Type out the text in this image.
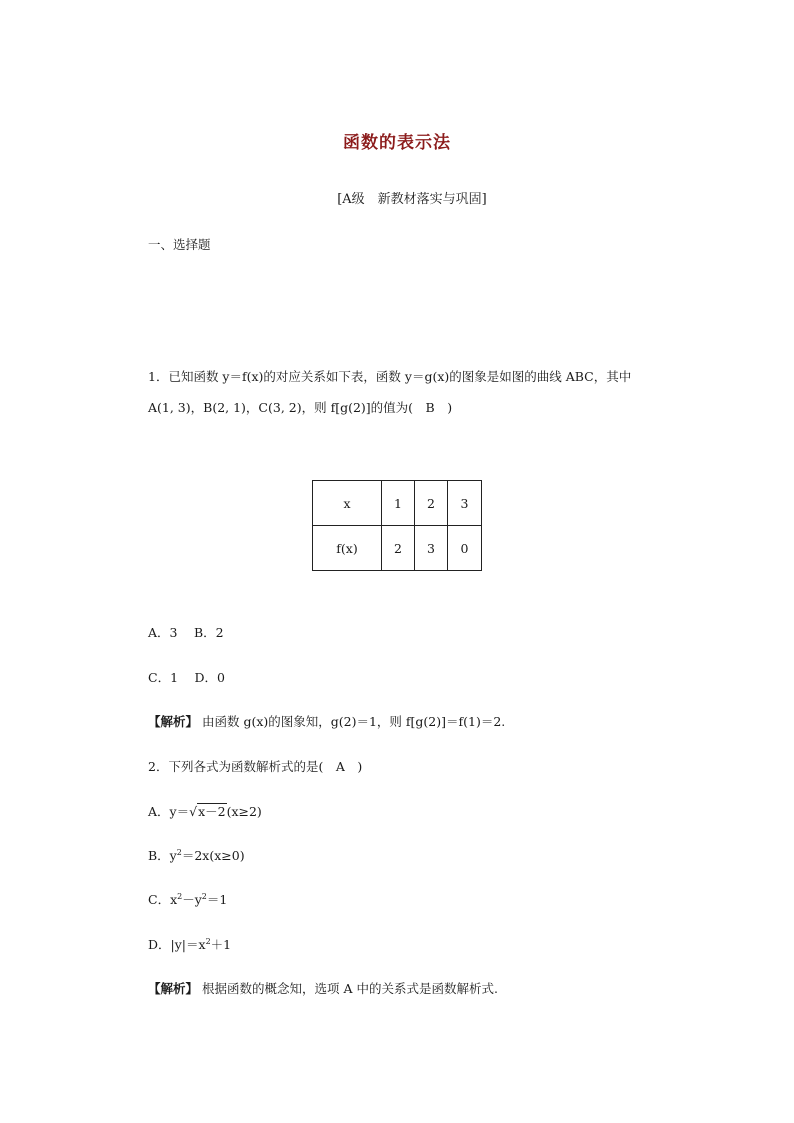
函数的表示法
[A级　新教材落实与巩固]
一、选择题
1．已知函数 y＝f(x)的对应关系如下表，函数 y＝g(x)的图象是如图的曲线 ABC，其中
A(1, 3)，B(2, 1)，C(3, 2)，则 f[g(2)]的值为(　B　)
x	1	2	3
f(x)	2	3	0
A．3　 B．2
C．1　 D．0
【解析】 由函数 g(x)的图象知，g(2)＝1，则 f[g(2)]＝f(1)＝2.
2．下列各式为函数解析式的是(　A　)
A．y＝√x－2(x≥2)
B．$y^2=2x(x\ge 0)$
C．$x^2-y^2=1$
D．$|y|=x^2+1$
【解析】 根据函数的概念知，选项 A 中的关系式是函数解析式.
